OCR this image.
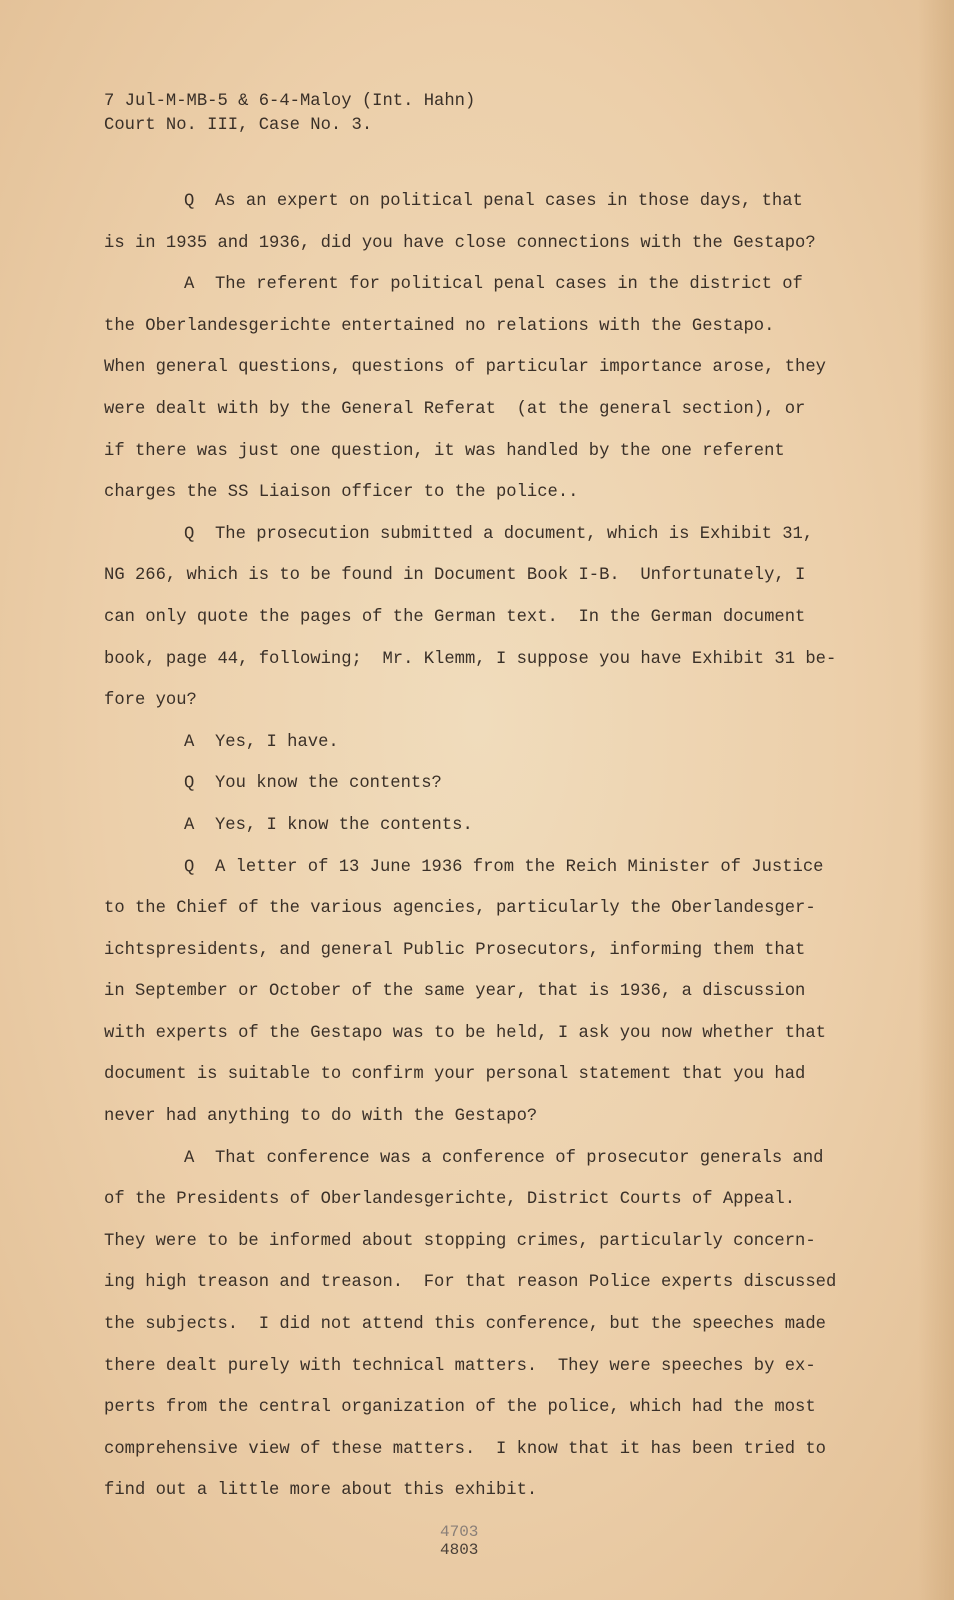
7 Jul-M-MB-5 & 6-4-Maloy (Int. Hahn)
Court No. III, Case No. 3.
Q  As an expert on political penal cases in those days, that
is in 1935 and 1936, did you have close connections with the Gestapo?
A  The referent for political penal cases in the district of
the Oberlandesgerichte entertained no relations with the Gestapo.
When general questions, questions of particular importance arose, they
were dealt with by the General Referat  (at the general section), or
if there was just one question, it was handled by the one referent
charges the SS Liaison officer to the police..
Q  The prosecution submitted a document, which is Exhibit 31,
NG 266, which is to be found in Document Book I-B.  Unfortunately, I
can only quote the pages of the German text.  In the German document
book, page 44, following;  Mr. Klemm, I suppose you have Exhibit 31 be-
fore you?
A  Yes, I have.
Q  You know the contents?
A  Yes, I know the contents.
Q  A letter of 13 June 1936 from the Reich Minister of Justice
to the Chief of the various agencies, particularly the Oberlandesger-
ichtspresidents, and general Public Prosecutors, informing them that
in September or October of the same year, that is 1936, a discussion
with experts of the Gestapo was to be held, I ask you now whether that
document is suitable to confirm your personal statement that you had
never had anything to do with the Gestapo?
A  That conference was a conference of prosecutor generals and
of the Presidents of Oberlandesgerichte, District Courts of Appeal.
They were to be informed about stopping crimes, particularly concern-
ing high treason and treason.  For that reason Police experts discussed
the subjects.  I did not attend this conference, but the speeches made
there dealt purely with technical matters.  They were speeches by ex-
perts from the central organization of the police, which had the most
comprehensive view of these matters.  I know that it has been tried to
find out a little more about this exhibit.
4703
4803
